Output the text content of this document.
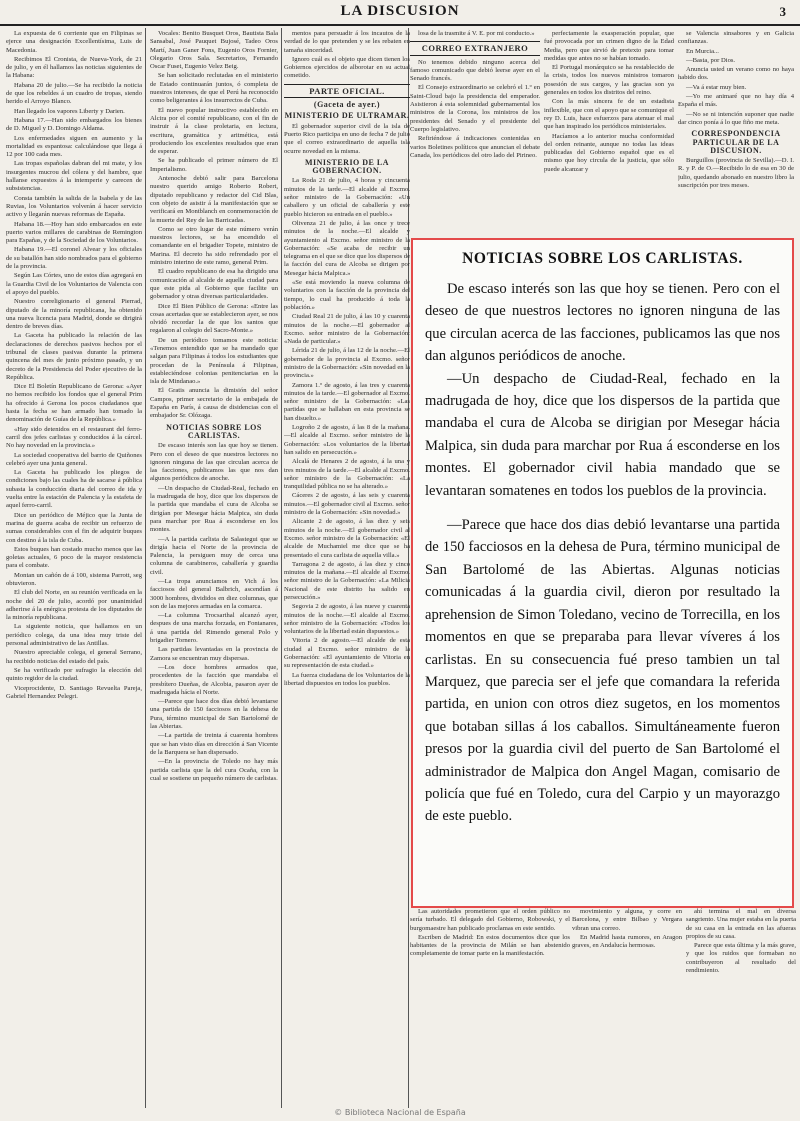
LA DISCUSION	3

La expuesta de 6 corriente que en Filipinas se ejerce una designación Excellentísima, Luis de Macedonia.

Recibimos El Cronista, de Nueva-York, de 21 de julio, y en él hallamos las noticias siguientes de la Habana:

Habana 20 de julio.—Se ha recibido la noticia de que los rebeldes á un cuadro de tropas, siendo herido el Arroyo Blanco.

Han llegado los vapores Liberty y Darien.

Habana 17.—Han sido embargados los bienes de D. Miguel y D. Domingo Aldama.

Los enfermedades siguen en aumento y la mortalidad es espantosa: calculándose que llega á 12 por 100 cada mes.

Las tropas españolas dabran del mi mate, y los insurgentes mucrou del cólera y del hambre, que hallanse expuestos á la intemperie y carecen de subsistencias.

Consta también la salida de la Isabela y de las Ruvias, los Voluntarios volverán á hacer servicio activo y llegarán nuevas reformas de España.

Habana 18.—Hoy han sido embarcados en este puerto varios millares de carabinas de Remington para Españas, y de la Sociedad de los Voluntarios.

Habana 19.—El coronel Alvear y los oficiales de su batallón han sido nombrados para el gobierno de la provincia.

Según Las Córtes, uno de estos días agregará en la Guardia Civil de los Voluntarios de Valencia con el apoyo del pueblo.

Nuestro correligionario el general Pierrad, diputado de la minoría republicana, ha obtenido una nueva licencia para Madrid, donde se dirigirá dentro de breves días.

La Gaceta ha publicado la relación de las declaraciones de derechos pasivos hechos por el tribunal de clases pasivas durante la primera quincena del mes de junio próximo pasado, y un decreto de la Presidencia del Poder ejecutivo de la República.

Dice El Boletín Republicano de Gerona: «Ayer no hemos recibido los fondos que el general Prim ha ofrecido á Gerona los pocos ciudadanos que hasta la fecha se han armado han tomado la denominación de Guías de la República.»

«Hay sido detenidos en el restaurant del ferro-carril dos jefes carlistas y conducidos á la cárcel. No hay novedad en la provincia.»

La sociedad cooperativa del barrio de Quiñones celebró ayer una junta general.

La Gaceta ha publicado los pliegos de condiciones bajo las cuales ha de sacarse á pública subasta la conducción diaria del correo de ida y vuelta entre la estación de Palencia y la estafeta de aquel ferro-carril.

Dice un periódico de Méjico que la Junta de marina de guerra acaba de recibir un refuerzo de sumas considerables con el fin de adquirir buques con destino á la isla de Cuba.

Estos buques han costado mucho menos que las goletas actuales, 6 poco de la mayor resistencia para el combate.

Montan un cañón de á 100, sistema Parrott, seg obtuvieron.

El club del Norte, en su reunión verificada en la noche del 20 de julio, acordó por unanimidad adherirse á la enérgica protesta de los diputados de la minoría republicana.

La siguiente noticia, que hallamos en un periódico colega, da una idea muy triste del personal administrativo de las Antillas.

Nuestro apreciable colega, el general Serrano, ha recibido noticias del estado del país.

Se ha verificado por sufragio la elección del quinto regidor de la ciudad.

Viceprocidente, D. Santiago Revuelta Pareja, Gabriel Hernandez Pelegri.

Vocales: Benito Busquet Oros, Bautista Bala Sansabal, José Pauquet Bujosé, Tadeo Oros Martí, Juan Ganer Fons, Eugenio Oros Fornier, Olegario Oros Sala. Secretarios, Fernando Oscar Fuset, Eugenio Velez Beig.

Se han solicitado reclutadas en el ministerio de Estado continuarán juntos, ó completa de nuestros intereses, de que el Perú ha reconocido como beligerantes á los insurrectos de Cuba.

El nuevo popular instructivo establecido en Alcira por el comité republicano, con el fin de instruir á la clase proletaria, en lectura, escritura, gramática y aritmética, está produciendo los excelentes resultados que eran de esperar.

Se ha publicado el primer número de El Imperialismo.

Antenoche debió salir para Barcelona nuestro querido amigo Roberto Robert, diputado republicano y redactor del Cid Blas, con objeto de asistir á la manifestación que se verificará en Montblanch en conmemoración de la muerte del Rey de las Barricadas.

Como se otro lugar de este número verán nuestros lectores, se ha encendido el comandante en el brigadier Topete, ministro de Marina. El decreto ha sido refrendado por el ministro interino de este ramo, general Prim.

El cuadro republicano de esa ha dirigido una comunicación al alcalde de aquella ciudad para que este pida al Gobierno que facilite un gobernador y otras diversas particularidades.

Dice El Bien Público de Gerona: «Entre las cosas acertadas que se establecieron ayer, se nos olvidó recordar la de que los santos que regalaron al colegio del Sacro-Monte.»

De un periódico tomamos este noticia: «Tenemos entendido que se ha mandado que salgan para Filipinas á todos los estudiantes que procedan de la Península á Filipinas, estableciéndose colonias penitenciarias en la isla de Mindanao.»

El Gratis anuncia la dimisión del señor Campos, primer secretario de la embajada de España en París, á causa de disidencias con el embajador Sr. Olózaga.

NOTICIAS SOBRE LOS CARLISTAS.

De escaso interés son las que hoy se tienen. Pero con el deseo de que nuestros lectores no ignoren ninguna de las que circulan acerca de las facciones, publicamos las que nos dan algunos periódicos de anoche.

—Un despacho de Ciudad-Real, fechado en la madrugada de hoy, dice que los dispersos de la partida que mandaba el cura de Alcoba se dirigían por Mesegar hácia Malpica, sin duda para marchar por Rua á esconderse en los montes.

—A la partida carlista de Salastegui que se dirigía hacia el Norte de la provincia de Palencia, la persiguen muy de cerca una columna de carabineros, caballería y guardia civil.

—La tropa anunciamos en Vich á los facciosos del general Balbrich, ascendían á 3000 hombres, divididos en diez columnas, que son de las mejores armadas en la comarca.

—La columna Trocsarthal alcanzó ayer, despues de una marcha forzada, en Fontanares, á una partida del Rimendo general Polo y brigadier Tornero.

Las partidas levantadas en la provincia de Zamora se encuentran muy dispersas.

—Los doce hombres armados que, procedentes de la facción que mandaba el presbítero Dueñas, de Alcobia, pasaron ayer de madrugada hácia el Norte.

—Parece que hace dos días debió levantarse una partida de 150 facciosos en la dehesa de Pura, término municipal de San Bartolomé de las Abiertas.

—La partida de treinta á cuarenta hombres que se han visto días en dirección á San Vicente de la Barquera se han dispersado.

—En la provincia de Toledo no hay más partida carlista que la del cura Ocaña, con la cual se sostiene un pequeño número de carlistas.

mentos para persuadir á los incautos de la verdad de lo que pretenden y se les rebaten en tamaña sinceridad.

Ignoro cuál es el objeto que dicen tienen los Gobiernos ejercidos de alborotar en su actual cometido.

PARTE OFICIAL.

(Gaceta de ayer.)

MINISTERIO DE ULTRAMAR.

El gobernador superior civil de la isla de Puerto Rico participa en uno de fecha 7 de julio que el correo extraordinario de aquella isla ocurre novedad en la misma.

MINISTERIO DE LA GOBERNACION.

La Roda 21 de julio, 4 horas y cincuenta minutos de la tarde.—El alcalde al Excmo. señor ministro de la Gobernación: «Un caballero y un oficial de caballería y este pueblo hicieron su entrada en el pueblo.»

Olivenza 21 de julio, á las once y trece minutos de la noche.—El alcalde y ayuntamiento al Excmo. señor ministro de la Gobernación: «Se acaba de recibir un telegrama en el que se dice que los dispersos de la facción del cura de Alcoba se dirigen por Mesegar hácia Malpica.»

«Se está moviendo la nueva columna de voluntarios con la facción de la provincia del tiempo, lo cual ha producido á toda la población.»

Ciudad Real 21 de julio, á las 10 y cuarenta minutos de la noche.—El gobernador al Excmo. señor ministro de la Gobernación: «Nada de particular.»

Lérida 21 de julio, á las 12 de la noche.—El gobernador de la provincia al Excmo. señor ministro de la Gobernación: «Sin novedad en la provincia.»

Zamora 1.º de agosto, á las tres y cuarenta minutos de la tarde.—El gobernador al Excmo. señor ministro de la Gobernación: «Las partidas que se hallaban en esta provincia se han disuelto.»

Logroño 2 de agosto, á las 8 de la mañana.—El alcalde al Excmo. señor ministro de la Gobernación: «Los voluntarios de la libertad han salido en persecución.»

Alcalá de Henares 2 de agosto, á la una y tres minutos de la tarde.—El alcalde al Excmo. señor ministro de la Gobernación: «La tranquilidad pública no se ha alterado.»

Cáceres 2 de agosto, á las seis y cuarenta minutos.—El gobernador civil al Excmo. señor ministro de la Gobernación: «Sin novedad.»

Alicante 2 de agosto, á las diez y seis minutos de la noche.—El gobernador civil al Excmo. señor ministro de la Gobernación: «El alcalde de Muchamiel me dice que se ha presentado el cura carlista de aquella villa.»

Tarragona 2 de agosto, á las diez y cinco minutos de la mañana.—El alcalde al Excmo. señor ministro de la Gobernación: «La Milicia Nacional de este distrito ha salido en persecución.»

Segovia 2 de agosto, á las nueve y cuarenta minutos de la noche.—El alcalde al Excmo. señor ministro de la Gobernación: «Todos los voluntarios de la libertad están dispuestos.»

Vitoria 2 de agosto.—El alcalde de esta ciudad al Excmo. señor ministro de la Gobernación: «El ayuntamiento de Vitoria en su representación de esta ciudad.»

La fuerza ciudadana de los Voluntarios de la libertad dispuestos en todos los pueblos.

losa de la trasmite á V. E. por mi conducto.»

CORREO EXTRANJERO

No tenemos debido ninguno acerca del famoso comunicado que debió leerse ayer en el Senado francés.

El Consejo extraordinario se celebró el 1.º en Saint-Cloud bajo la presidencia del emperador. Asistieron á esta solemnidad gubernamental los ministros de la Corona, los ministros de los presidentes del Senado y el presidente del Cuerpo legislativo.

Refiriéndose á indicaciones contenidas en varios Boletines políticos que anuncian el debate Canada, los periódicos del otro lado del Pirineo.

perfectamente la exasperación popular, que fué provocada por un crimen digno de la Edad Media, pero que sirvió de pretexto para tomar medidas que antes no se habían tomado.

El Portugal monárquico se ha restablecido de la crisis, todos los nuevos ministros tomaron posesión de sus cargos, y las gracias son ya generales en todos los distritos del reino.

Con la más sincera fe de un estadista inflexible, que con el apoyo que se comunique el rey D. Luis, hace esfuerzos para atenuar el mal que han inspirado los periódicos ministeriales.

Hacíamos a lo anterior mucha conformidad del orden reinante, aunque no todas las ideas publicadas del Gobierno español que es el mismo que hoy circula de la justicia, que sólo puede alcanzar y

se Valencia sinsabores y en Galicia confianzas.

En Murcia...

—Basta, por Dios.

Anuncia usted un verano como no haya habido dos.

—Va á estar muy bien.

—Yo me animaré que no hay día 4 España el más.

—No se ni intención suponer que nadie dar cinco ponía á lo que fiño me meta.

CORRESPONDENCIA PARTICULAR DE LA DISCUSION.

Burguillos (provincia de Sevilla).—D. I. R. y P. de O.—Recibido lo de esa en 30 de julio, quedando abonado en nuestro libro la suscripción por tres meses.

Las autoridades prometieron que el orden público no sería turbado. El delegado del Gobierno, Robowski, y el burgomaestre han publicado proclamas en este sentido.

Escriben de Madrid: En estos documentos dice que los habitantes de la provincia de Milán se han abstenido completamente de tomar parte en la manifestación.

movimiento y alguna, y corre en Barcelona, y entre Bilbao y Vergara vibran una correo.

En Madrid hasta rumores, en Aragon graves, en Andalucía hermosas.

ahí termina el mal en diversa sangriento. Una mujer estaba en la puerta de su casa en la entrada en las afueras propios de su casa.

Parece que esta última y la más grave, y que los ruidos que formaban no contribuyeron al resultado del rendimiento.

NOTICIAS SOBRE LOS CARLISTAS.

De escaso interés son las que hoy se tienen. Pero con el deseo de que nuestros lectores no ignoren ninguna de las que circulan acerca de las facciones, publicamos las que nos dan algunos periódicos de anoche.

—Un despacho de Ciudad-Real, fechado en la madrugada de hoy, dice que los dispersos de la partida que mandaba el cura de Alcoba se dirigian por Mesegar hácia Malpica, sin duda para marchar por Rua á esconderse en los montes. El gobernador civil habia mandado que se levantaran somatenes en todos los pueblos de la provincia.

—Parece que hace dos dias debió levantarse una partida de 150 facciosos en la dehesa de Pura, término municipal de San Bartolomé de las Abiertas. Algunas noticias comunicadas á la guardia civil, dieron por resultado la aprehension de Simon Toledano, vecino de Torrecilla, en los momentos en que se preparaba para llevar víveres á los carlistas. En su consecuencia fué preso tambien un tal Marquez, que parecia ser el jefe que comandara la referida partida, en union con otros diez sugetos, en los momentos que botaban sillas á los caballos. Simultáneamente fueron presos por la guardia civil del puerto de San Bartolomé el administrador de Malpica don Angel Magan, comisario de policía que fué en Toledo, cura del Carpio y un mayorazgo de este pueblo.

© Biblioteca Nacional de España
